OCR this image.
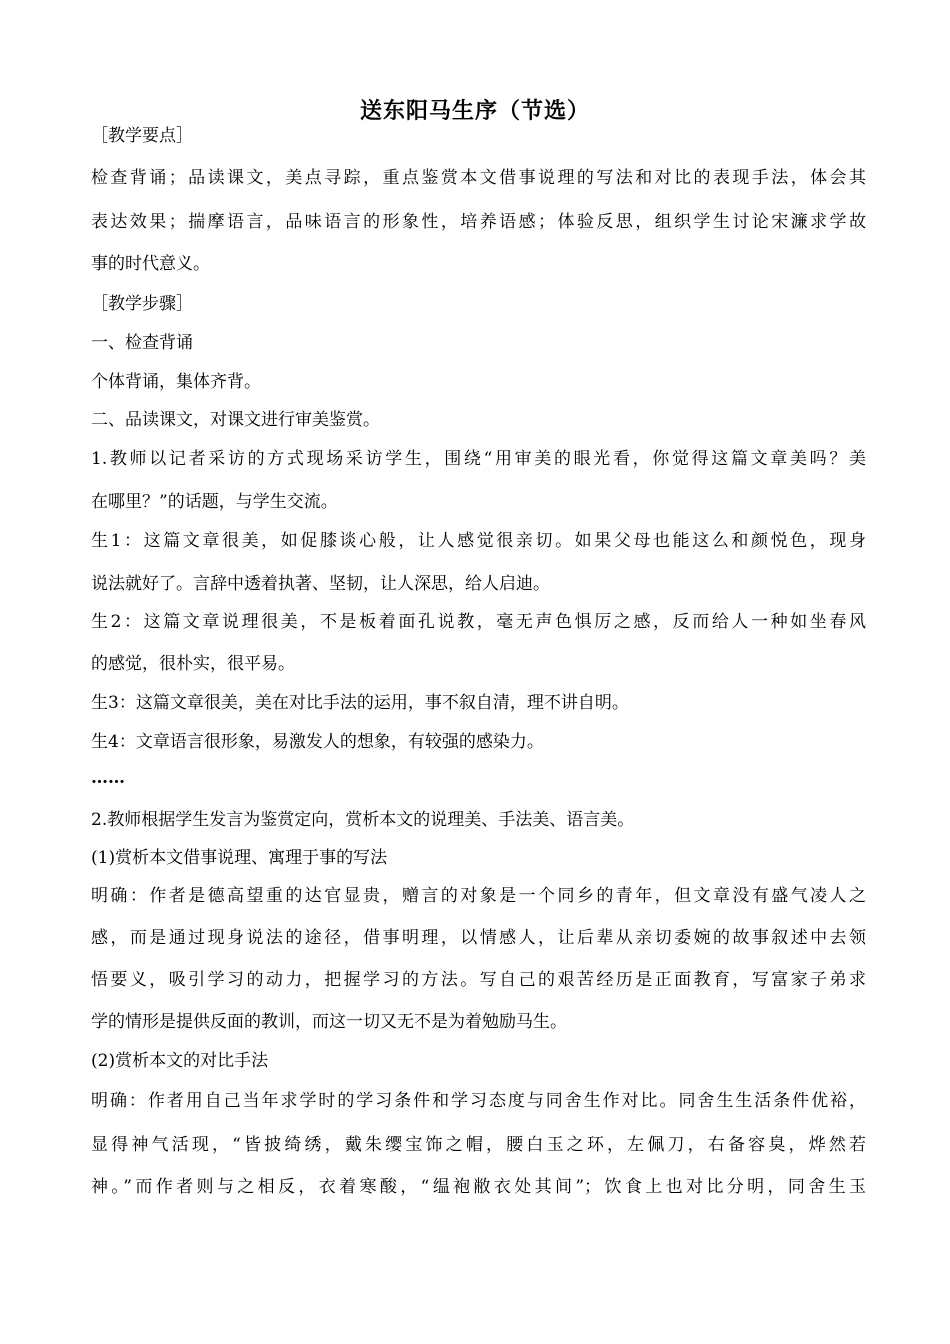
送东阳马生序（节选）
［教学要点］
检查背诵；品读课文，美点寻踪，重点鉴赏本文借事说理的写法和对比的表现手法，体会其
表达效果；揣摩语言，品味语言的形象性，培养语感；体验反思，组织学生讨论宋濂求学故
事的时代意义。
［教学步骤］
一、检查背诵
个体背诵，集体齐背。
二、品读课文，对课文进行审美鉴赏。
1.教师以记者采访的方式现场采访学生，围绕“用审美的眼光看，你觉得这篇文章美吗？美
在哪里？”的话题，与学生交流。
生1：这篇文章很美，如促膝谈心般，让人感觉很亲切。如果父母也能这么和颜悦色，现身
说法就好了。言辞中透着执著、坚韧，让人深思，给人启迪。
生2：这篇文章说理很美，不是板着面孔说教，毫无声色惧厉之感，反而给人一种如坐春风
的感觉，很朴实，很平易。
生3：这篇文章很美，美在对比手法的运用，事不叙自清，理不讲自明。
生4：文章语言很形象，易激发人的想象，有较强的感染力。
……
2.教师根据学生发言为鉴赏定向，赏析本文的说理美、手法美、语言美。
(1)赏析本文借事说理、寓理于事的写法
明确：作者是德高望重的达官显贵，赠言的对象是一个同乡的青年，但文章没有盛气凌人之
感，而是通过现身说法的途径，借事明理，以情感人，让后辈从亲切委婉的故事叙述中去领
悟要义，吸引学习的动力，把握学习的方法。写自己的艰苦经历是正面教育，写富家子弟求
学的情形是提供反面的教训，而这一切又无不是为着勉励马生。
(2)赏析本文的对比手法
明确：作者用自己当年求学时的学习条件和学习态度与同舍生作对比。同舍生生活条件优裕，
显得神气活现，“皆披绮绣，戴朱缨宝饰之帽，腰白玉之环，左佩刀，右备容臭，烨然若
神。”而作者则与之相反，衣着寒酸，“缊袍敝衣处其间”；饮食上也对比分明，同舍生玉
